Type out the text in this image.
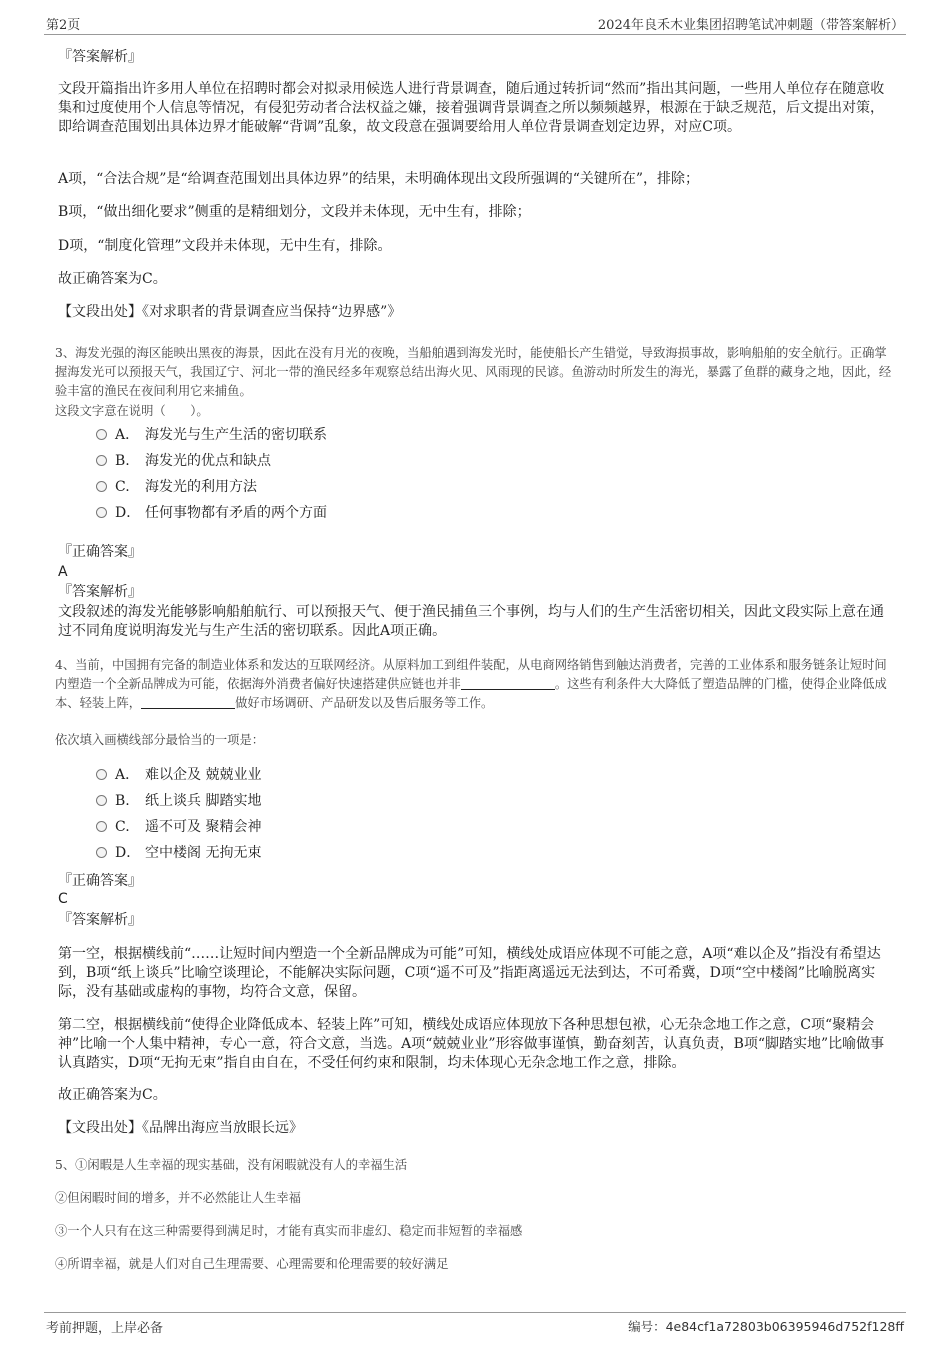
第2页	2024年良禾木业集团招聘笔试冲刺题（带答案解析）
『答案解析』
文段开篇指出许多用人单位在招聘时都会对拟录用候选人进行背景调查，随后通过转折词“然而”指出其问题，一些用人单位存在随意收集和过度使用个人信息等情况，有侵犯劳动者合法权益之嫌，接着强调背景调查之所以频频越界，根源在于缺乏规范，后文提出对策，即给调查范围划出具体边界才能破解“背调”乱象，故文段意在强调要给用人单位背景调查划定边界，对应C项。
A项，“合法合规”是“给调查范围划出具体边界”的结果，未明确体现出文段所强调的“关键所在”，排除；
B项，“做出细化要求”侧重的是精细划分，文段并未体现，无中生有，排除；
D项，“制度化管理”文段并未体现，无中生有，排除。
故正确答案为C。
【文段出处】《对求职者的背景调查应当保持“边界感”》
3、海发光强的海区能映出黑夜的海景，因此在没有月光的夜晚，当船舶遇到海发光时，能使船长产生错觉，导致海损事故，影响船舶的安全航行。正确掌握海发光可以预报天气，我国辽宁、河北一带的渔民经多年观察总结出海火见、风雨现的民谚。鱼游动时所发生的海光，暴露了鱼群的藏身之地，因此，经验丰富的渔民在夜间利用它来捕鱼。
这段文字意在说明（　　）。
A． 海发光与生产生活的密切联系
B. 海发光的优点和缺点
C. 海发光的利用方法
D． 任何事物都有矛盾的两个方面
『正确答案』
A
『答案解析』
文段叙述的海发光能够影响船舶航行、可以预报天气、便于渔民捕鱼三个事例，均与人们的生产生活密切相关，因此文段实际上意在通过不同角度说明海发光与生产生活的密切联系。因此A项正确。
4、当前，中国拥有完备的制造业体系和发达的互联网经济。从原料加工到组件装配，从电商网络销售到触达消费者，完善的工业体系和服务链条让短时间内塑造一个全新品牌成为可能，依据海外消费者偏好快速搭建供应链也并非	。这些有利条件大大降低了塑造品牌的门槛，使得企业降低成本、轻装上阵，	做好市场调研、产品研发以及售后服务等工作。
依次填入画横线部分最恰当的一项是：
A． 难以企及 兢兢业业
B. 纸上谈兵 脚踏实地
C. 遥不可及 聚精会神
D． 空中楼阁 无拘无束
『正确答案』
C
『答案解析』
第一空，根据横线前“……让短时间内塑造一个全新品牌成为可能”可知，横线处成语应体现不可能之意，A项“难以企及”指没有希望达到，B项“纸上谈兵”比喻空谈理论，不能解决实际问题，C项“遥不可及”指距离遥远无法到达，不可希冀，D项“空中楼阁”比喻脱离实际，没有基础或虚构的事物，均符合文意，保留。
第二空，根据横线前“使得企业降低成本、轻装上阵”可知，横线处成语应体现放下各种思想包袱，心无杂念地工作之意，C项“聚精会神”比喻一个人集中精神，专心一意，符合文意，当选。A项“兢兢业业”形容做事谨慎，勤奋刻苦，认真负责，B项“脚踏实地”比喻做事认真踏实，D项“无拘无束”指自由自在，不受任何约束和限制，均未体现心无杂念地工作之意，排除。
故正确答案为C。
【文段出处】《品牌出海应当放眼长远》
5、①闲暇是人生幸福的现实基础，没有闲暇就没有人的幸福生活
②但闲暇时间的增多，并不必然能让人生幸福
③一个人只有在这三种需要得到满足时，才能有真实而非虚幻、稳定而非短暂的幸福感
④所谓幸福，就是人们对自己生理需要、心理需要和伦理需要的较好满足
考前押题，上岸必备	编号：4e84cf1a72803b06395946d752f128ff
